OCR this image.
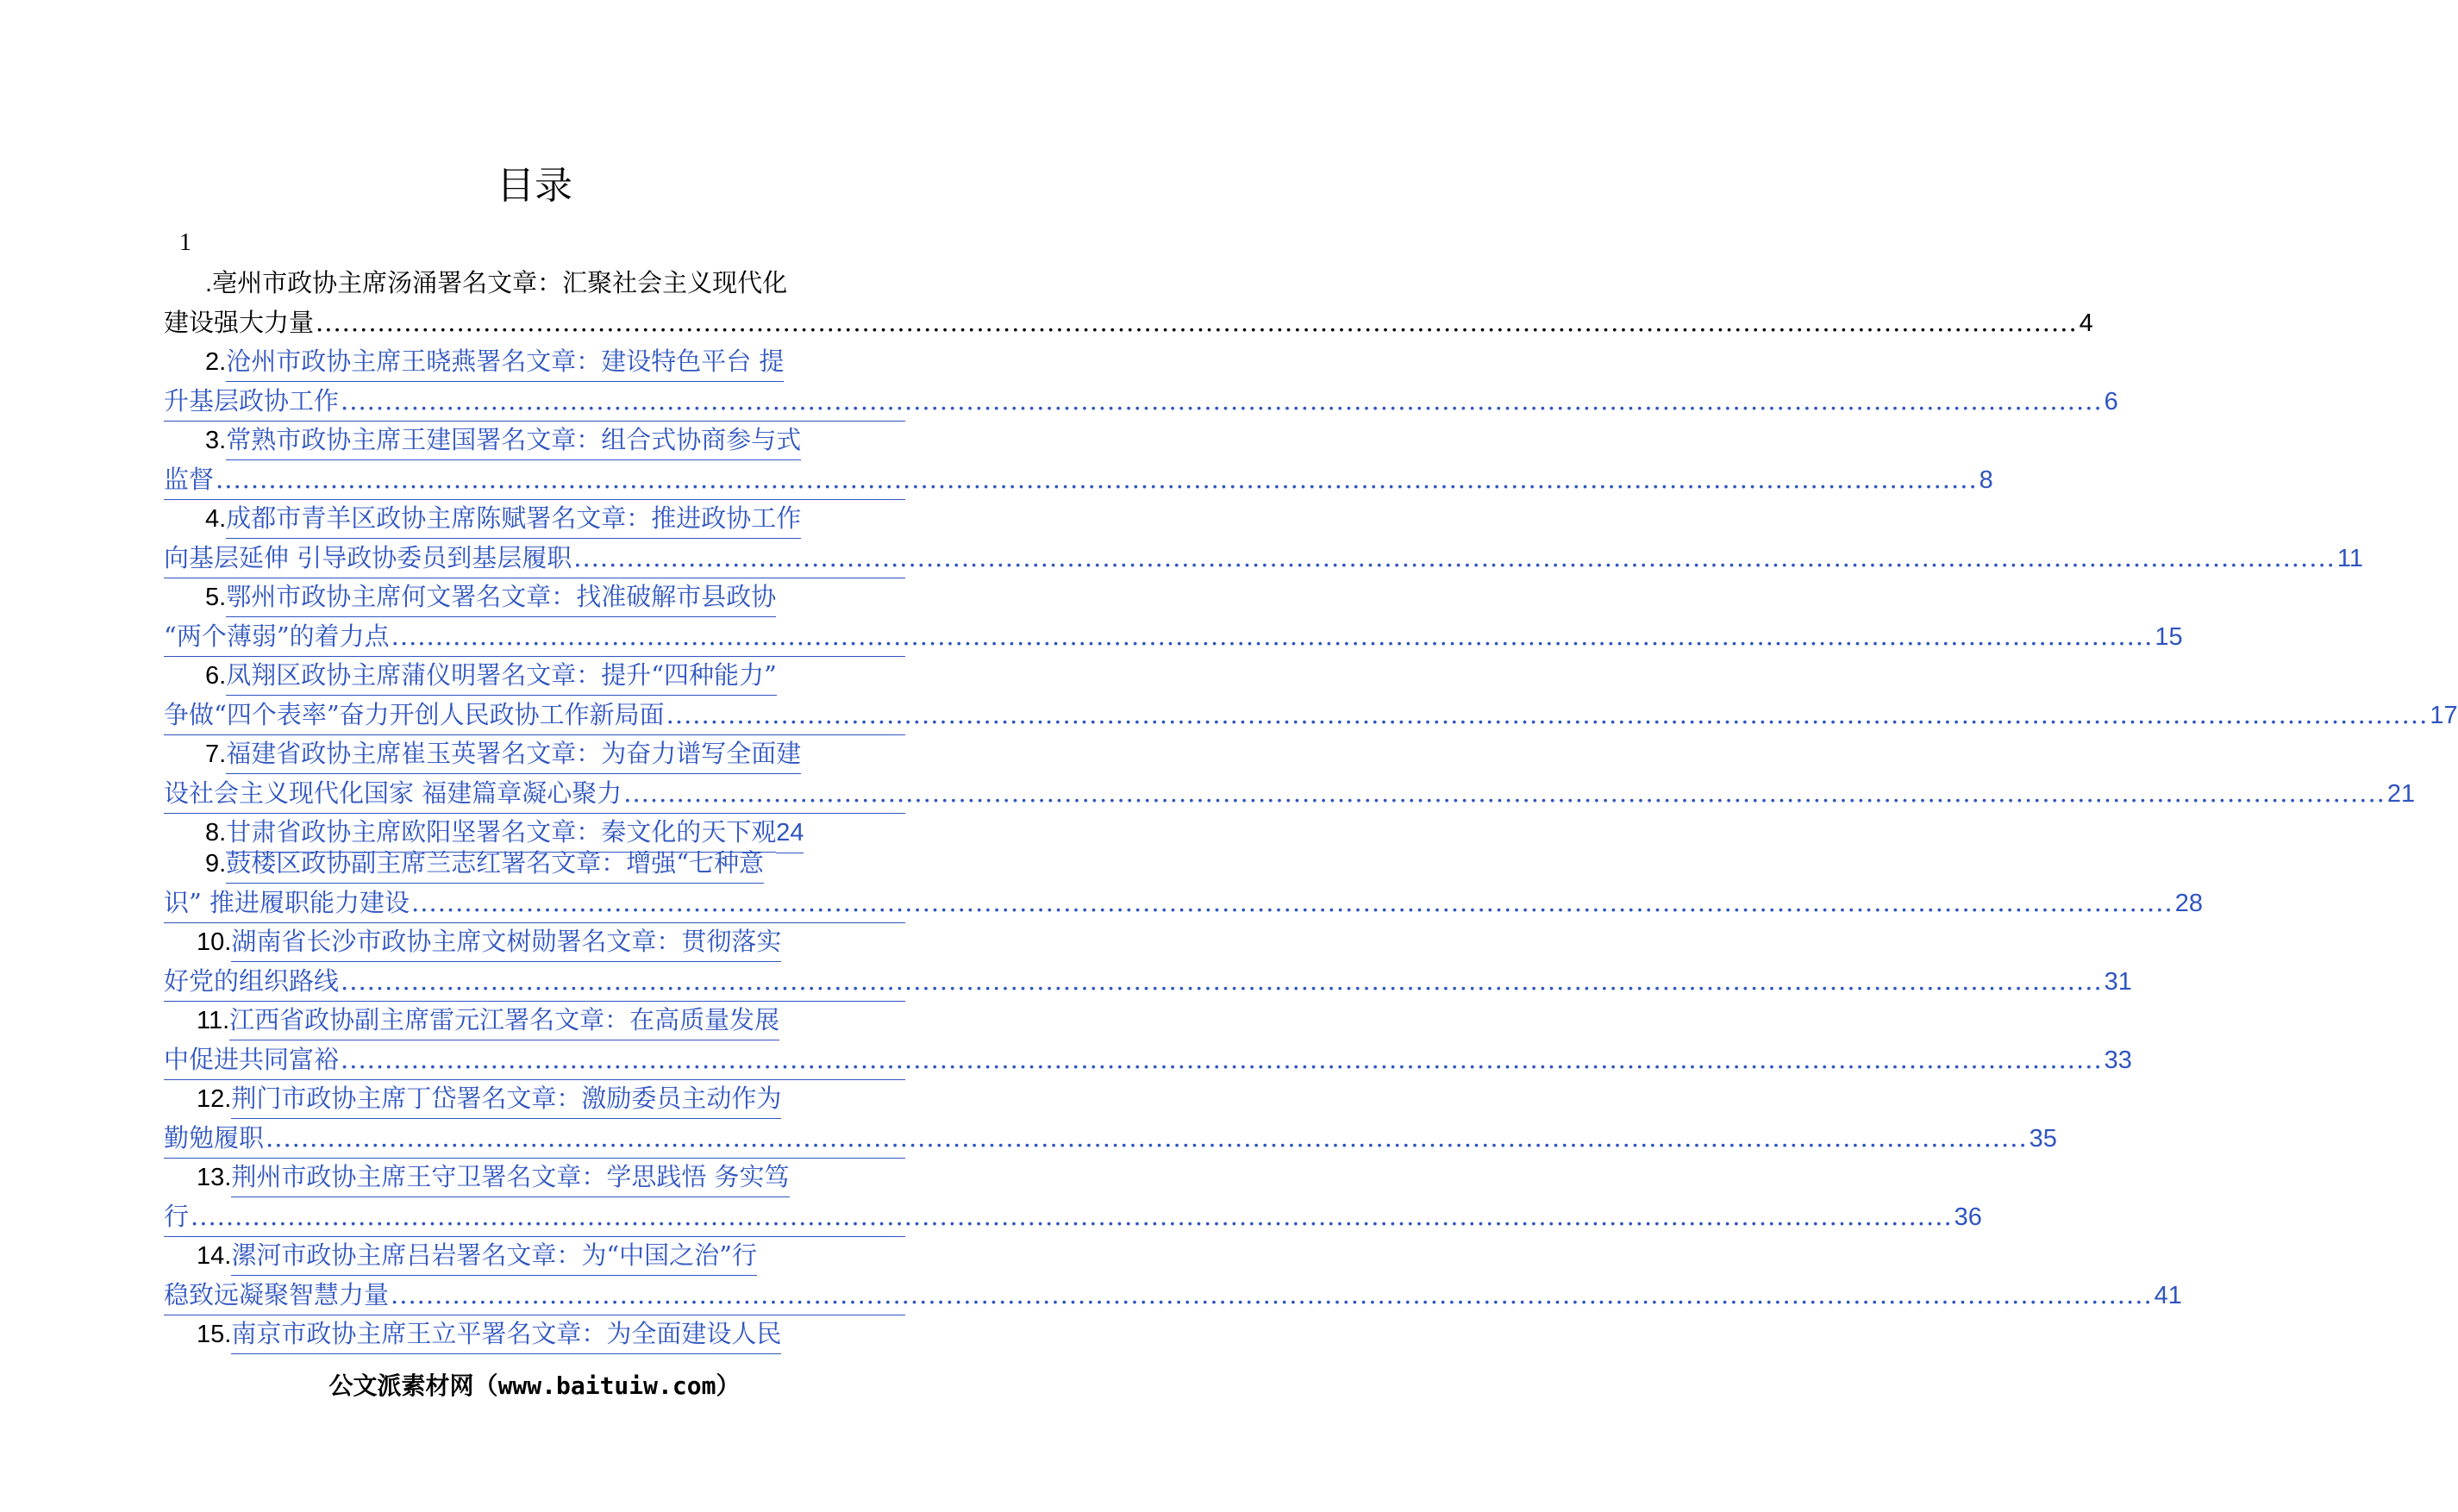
目录
1
.亳州市政协主席汤涌署名文章：汇聚社会主义现代化
建设强大力量 ........................................................................................................................................................................................................ 4
2.沧州市政协主席王晓燕署名文章：建设特色平台 提
升基层政协工作 ........................................................................................................................................................................................................ 6
3.常熟市政协主席王建国署名文章：组合式协商参与式
监督 ........................................................................................................................................................................................................ 8
4.成都市青羊区政协主席陈赋署名文章：推进政协工作
向基层延伸 引导政协委员到基层履职 ........................................................................................................................................................................................................ 11
5.鄂州市政协主席何文署名文章：找准破解市县政协
“两个薄弱”的着力点 ........................................................................................................................................................................................................ 15
6.凤翔区政协主席蒲仪明署名文章：提升“四种能力”
争做“四个表率”奋力开创人民政协工作新局面 ........................................................................................................................................................................................................ 17
7.福建省政协主席崔玉英署名文章：为奋力谱写全面建
设社会主义现代化国家 福建篇章凝心聚力 ........................................................................................................................................................................................................ 21
8. 甘肃省政协主席欧阳坚署名文章：秦文化的天下观 24
9.鼓楼区政协副主席兰志红署名文章：增强“七种意
识” 推进履职能力建设 ........................................................................................................................................................................................................ 28
10.湖南省长沙市政协主席文树勋署名文章：贯彻落实
好党的组织路线 ........................................................................................................................................................................................................ 31
11.江西省政协副主席雷元江署名文章：在高质量发展
中促进共同富裕 ........................................................................................................................................................................................................ 33
12.荆门市政协主席丁岱署名文章：激励委员主动作为
勤勉履职 ........................................................................................................................................................................................................ 35
13.荆州市政协主席王守卫署名文章：学思践悟 务实笃
行 ........................................................................................................................................................................................................ 36
14.漯河市政协主席吕岩署名文章：为“中国之治”行
稳致远凝聚智慧力量 ........................................................................................................................................................................................................ 41
15.南京市政协主席王立平署名文章：为全面建设人民
公文派素材网（www.baituiw.com）
